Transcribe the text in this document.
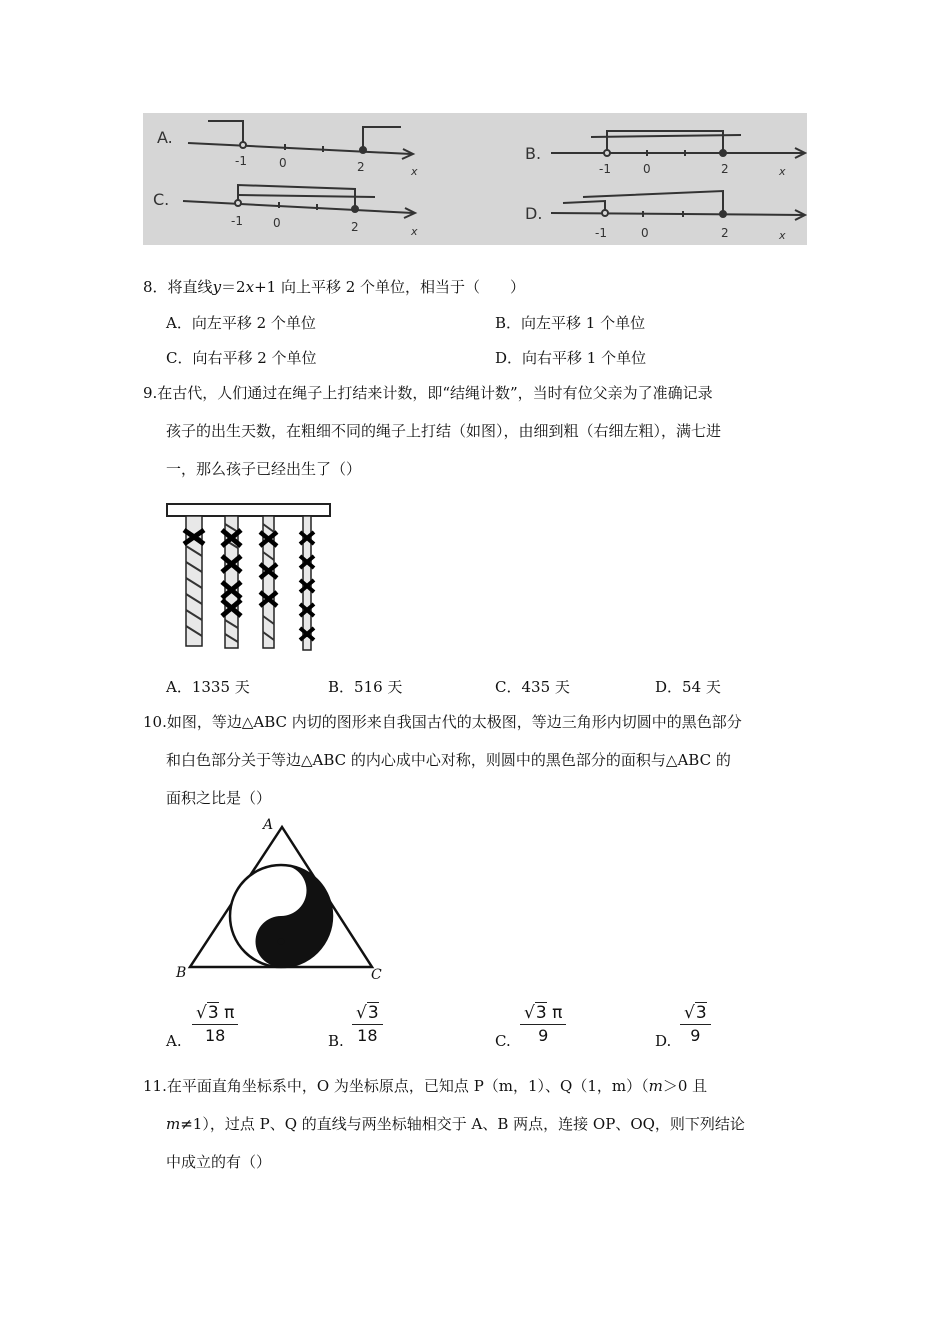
A.
-1	0	2	x
C.
-1	0	2	x
B.
-1	0	2	x
D.
-1	0	2	x
8．将直线y＝2x+1 向上平移 2 个单位，相当于（　　）
A．向左平移 2 个单位	B．向左平移 1 个单位
C．向右平移 2 个单位	D．向右平移 1 个单位
9.在古代，人们通过在绳子上打结来计数，即“结绳计数”，当时有位父亲为了准确记录
孩子的出生天数，在粗细不同的绳子上打结（如图），由细到粗（右细左粗），满七进
一，那么孩子已经出生了（）
A．1335 天	B．516 天	C．435 天	D．54 天
10.如图，等边△ABC 内切的图形来自我国古代的太极图，等边三角形内切圆中的黑色部分
和白色部分关于等边△ABC 的内心成中心对称，则圆中的黑色部分的面积与△ABC 的
面积之比是（）
A
B	C
A. $\frac{√3 \pi}{18}$	B. $\frac{√3}{18}$	C. $\frac{√3 \pi}{9}$	D. $\frac{√3}{9}$
11.在平面直角坐标系中，O 为坐标原点，已知点 P（m，1）、Q（1，m）（m＞0 且
m≠1），过点 P、Q 的直线与两坐标轴相交于 A、B 两点，连接 OP、OQ，则下列结论
中成立的有（）
